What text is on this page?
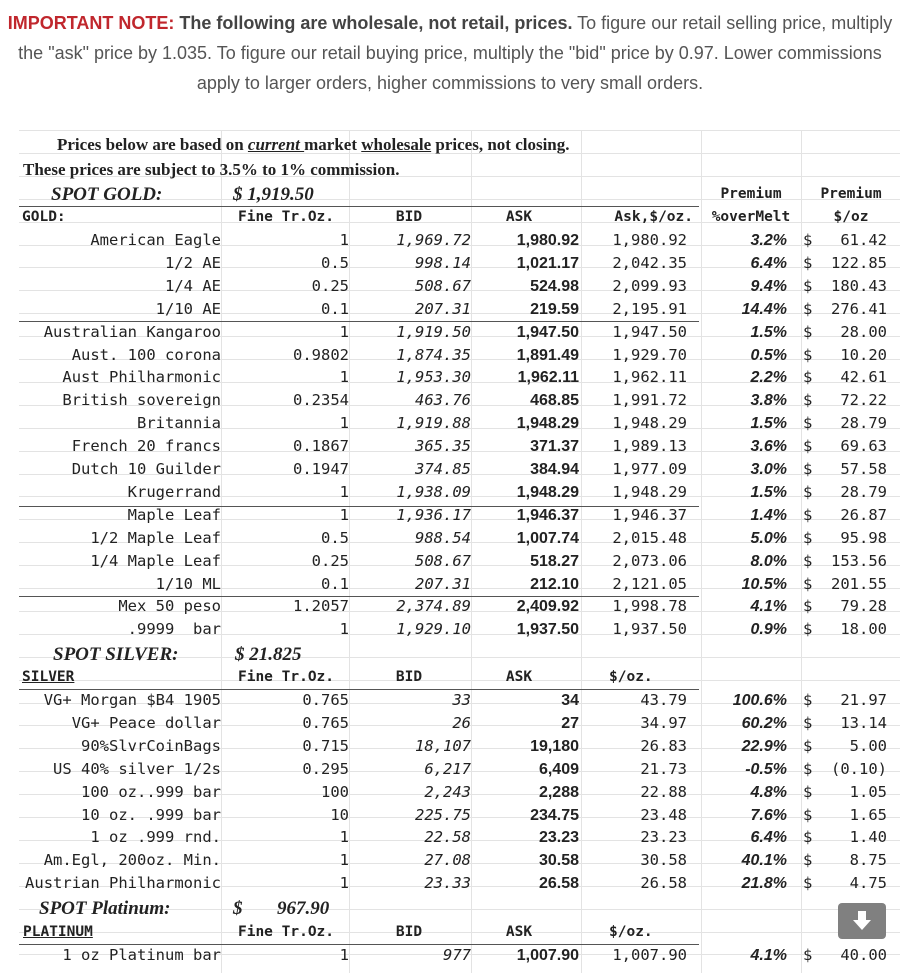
IMPORTANT NOTE: The following are wholesale, not retail, prices. To figure our retail selling price, multiply the "ask" price by 1.035. To figure our retail buying price, multiply the "bid" price by 0.97. Lower commissions apply to larger orders, higher commissions to very small orders.
Prices below are based on current market wholesale prices, not closing.
These prices are subject to 3.5% to 1% commission.
SPOT GOLD:	$ 1,919.50	Premium	Premium
GOLD:	Fine Tr.Oz.	BID	ASK	Ask,$/oz.	%overMelt	$/oz
American Eagle	1	1,969.72	1,980.92	1,980.92	3.2% $	61.42
1/2 AE	0.5	998.14	1,021.17	2,042.35	6.4% $	122.85
1/4 AE	0.25	508.67	524.98	2,099.93	9.4% $	180.43
1/10 AE	0.1	207.31	219.59	2,195.91	14.4% $	276.41
Australian Kangaroo	1	1,919.50	1,947.50	1,947.50	1.5% $	28.00
Aust. 100 corona	0.9802	1,874.35	1,891.49	1,929.70	0.5% $	10.20
Aust Philharmonic	1	1,953.30	1,962.11	1,962.11	2.2% $	42.61
British sovereign	0.2354	463.76	468.85	1,991.72	3.8% $	72.22
Britannia	1	1,919.88	1,948.29	1,948.29	1.5% $	28.79
French 20 francs	0.1867	365.35	371.37	1,989.13	3.6% $	69.63
Dutch 10 Guilder	0.1947	374.85	384.94	1,977.09	3.0% $	57.58
Krugerrand	1	1,938.09	1,948.29	1,948.29	1.5% $	28.79
Maple Leaf	1	1,936.17	1,946.37	1,946.37	1.4% $	26.87
1/2 Maple Leaf	0.5	988.54	1,007.74	2,015.48	5.0% $	95.98
1/4 Maple Leaf	0.25	508.67	518.27	2,073.06	8.0% $	153.56
1/10 ML	0.1	207.31	212.10	2,121.05	10.5% $	201.55
Mex 50 peso	1.2057	2,374.89	2,409.92	1,998.78	4.1% $	79.28
.9999  bar	1	1,929.10	1,937.50	1,937.50	0.9% $	18.00
SPOT SILVER:	$ 21.825
SILVER	Fine Tr.Oz.	BID	ASK	$/oz.
VG+ Morgan $B4 1905	0.765	33	34	43.79	100.6% $	21.97
VG+ Peace dollar	0.765	26	27	34.97	60.2% $	13.14
90%SlvrCoinBags	0.715	18,107	19,180	26.83	22.9% $	5.00
US 40% silver 1/2s	0.295	6,217	6,409	21.73	-0.5% $	(0.10)
100 oz..999 bar	100	2,243	2,288	22.88	4.8% $	1.05
10 oz. .999 bar	10	225.75	234.75	23.48	7.6% $	1.65
1 oz .999 rnd.	1	22.58	23.23	23.23	6.4% $	1.40
Am.Egl, 200oz. Min.	1	27.08	30.58	30.58	40.1% $	8.75
Austrian Philharmonic	1	23.33	26.58	26.58	21.8% $	4.75
SPOT Platinum:	$ 967.90
PLATINUM	Fine Tr.Oz.	BID	ASK	$/oz.
1 oz Platinum bar	1	977	1,007.90	1,007.90	4.1% $	40.00
